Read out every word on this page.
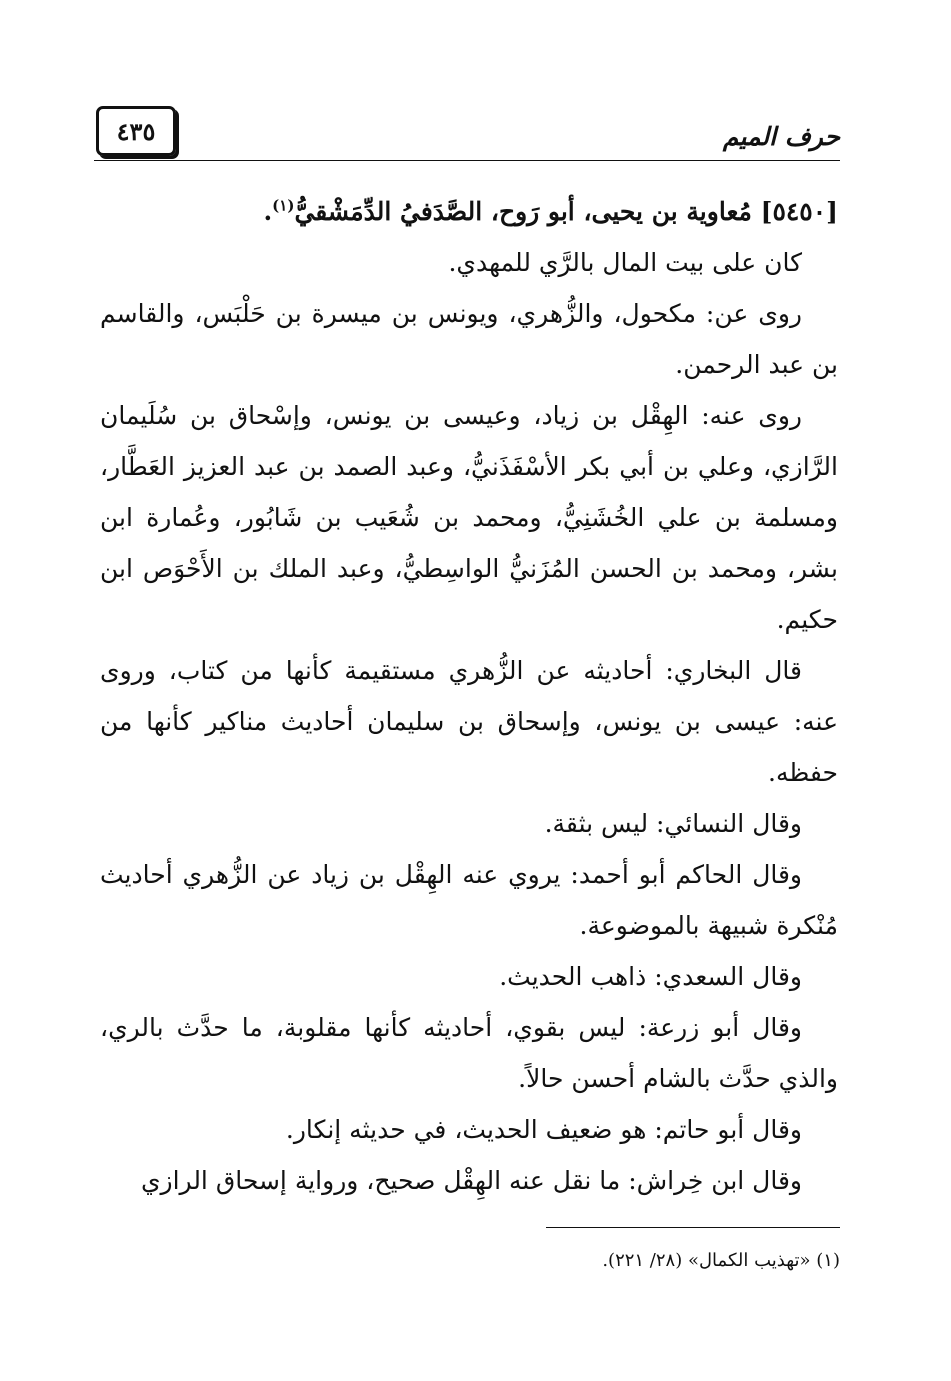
٤٣٥	حرف الميم

[٥٤٥٠] مُعاوية بن يحيى، أبو رَوح، الصَّدَفيُ الدِّمَشْقيُّ$^{(١)}$.

كان على بيت المال بالرَّي للمهدي.

روى عن: مكحول، والزُّهري، ويونس بن ميسرة بن حَلْبَس، والقاسم بن عبد الرحمن.

روى عنه: الهِقْل بن زياد، وعيسى بن يونس، وإسْحاق بن سُلَيمان الرَّازي، وعلي بن أبي بكر الأسْفَذَنيُّ، وعبد الصمد بن عبد العزيز العَطَّار، ومسلمة بن علي الخُشَنِيُّ، ومحمد بن شُعَيب بن شَابُور، وعُمارة ابن بشر، ومحمد بن الحسن المُزَنيُّ الواسِطيُّ، وعبد الملك بن الأَحْوَص ابن حكيم.

قال البخاري: أحاديثه عن الزُّهري مستقيمة كأنها من كتاب، وروى عنه: عيسى بن يونس، وإسحاق بن سليمان أحاديث مناكير كأنها من حفظه.

وقال النسائي: ليس بثقة.

وقال الحاكم أبو أحمد: يروي عنه الهِقْل بن زياد عن الزُّهري أحاديث مُنْكرة شبيهة بالموضوعة.

وقال السعدي: ذاهب الحديث.

وقال أبو زرعة: ليس بقوي، أحاديثه كأنها مقلوبة، ما حدَّث بالري، والذي حدَّث بالشام أحسن حالاً.

وقال أبو حاتم: هو ضعيف الحديث، في حديثه إنكار.

وقال ابن خِراش: ما نقل عنه الهِقْل صحيح، ورواية إسحاق الرازي

(١) «تهذيب الكمال» (٢٨/ ٢٢١).
